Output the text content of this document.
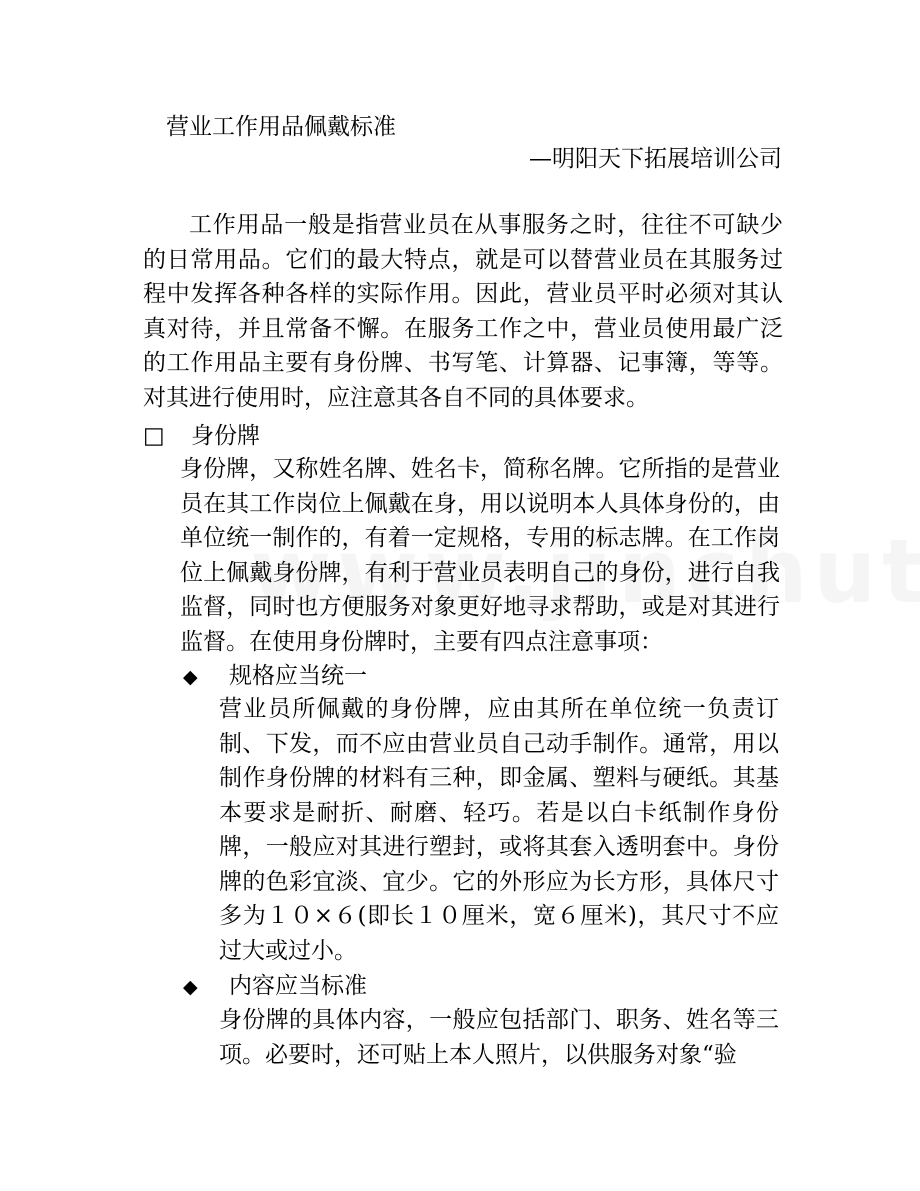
营业工作用品佩戴标准
—明阳天下拓展培训公司
工作用品一般是指营业员在从事服务之时，往往不可缺少的日常用品。它们的最大特点，就是可以替营业员在其服务过程中发挥各种各样的实际作用。因此，营业员平时必须对其认真对待，并且常备不懈。在服务工作之中，营业员使用最广泛的工作用品主要有身份牌、书写笔、计算器、记事簿，等等。对其进行使用时，应注意其各自不同的具体要求。
□ 身份牌
身份牌，又称姓名牌、姓名卡，简称名牌。它所指的是营业员在其工作岗位上佩戴在身，用以说明本人具体身份的，由单位统一制作的，有着一定规格，专用的标志牌。在工作岗位上佩戴身份牌，有利于营业员表明自己的身份，进行自我监督，同时也方便服务对象更好地寻求帮助，或是对其进行监督。在使用身份牌时，主要有四点注意事项：
◆ 规格应当统一
营业员所佩戴的身份牌，应由其所在单位统一负责订制、下发，而不应由营业员自己动手制作。通常，用以制作身份牌的材料有三种，即金属、塑料与硬纸。其基本要求是耐折、耐磨、轻巧。若是以白卡纸制作身份牌，一般应对其进行塑封，或将其套入透明套中。身份牌的色彩宜淡、宜少。它的外形应为长方形，具体尺寸多为１０×６(即长１０厘米，宽６厘米)，其尺寸不应过大或过小。
◆ 内容应当标准
身份牌的具体内容，一般应包括部门、职务、姓名等三项。必要时，还可贴上本人照片，以供服务对象“验
